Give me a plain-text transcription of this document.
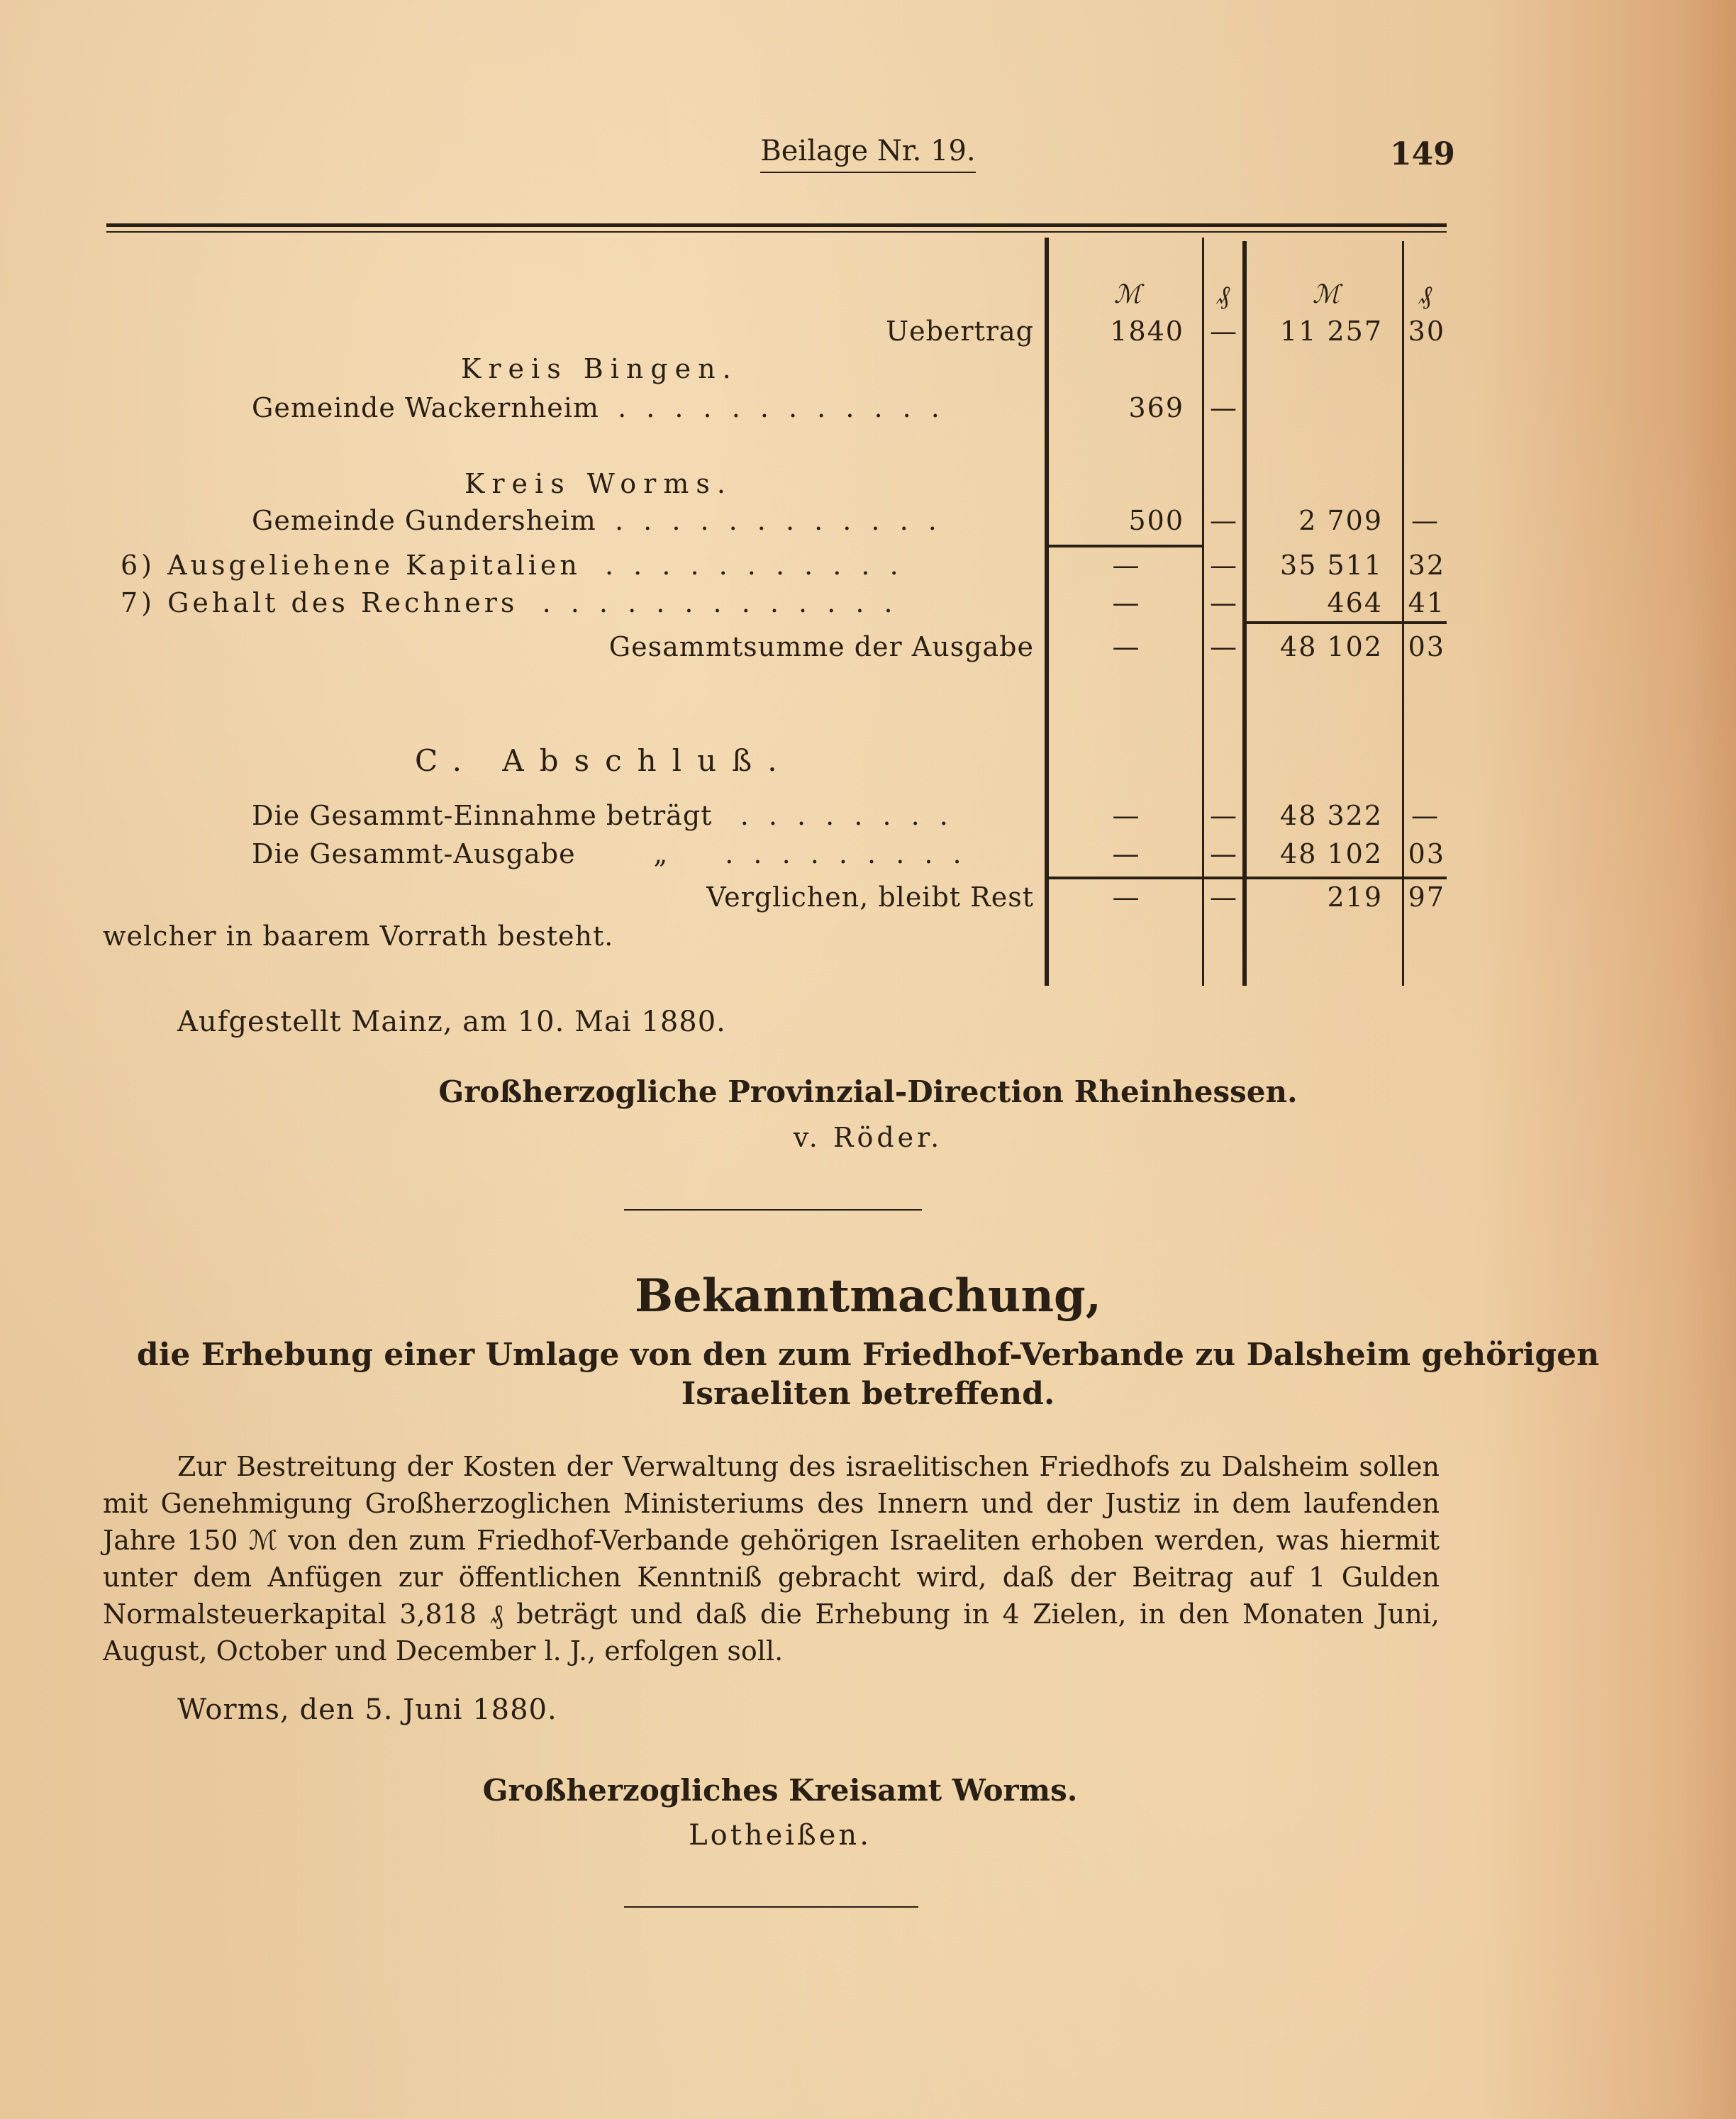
Beilage Nr. 19.	149
ℳ	₰	ℳ	₰
Uebertrag	1840 —	11 257 30
Kreis Bingen.
Gemeinde Wackernheim . . . . . . . . . . . .	369 —
Kreis Worms.
Gemeinde Gundersheim . . . . . . . . . . . .	500 —	2 709 —
6) Ausgeliehene Kapitalien . . . . . . . . . . .	—	—	35 511 32
7) Gehalt des Rechners . . . . . . . . . . . . .	—	—	464 41
Gesammtsumme der Ausgabe	—	—	48 102 03
C. Abschluß.
Die Gesammt-Einnahme beträgt . . . . . . . .	—	—	48 322 —
Die Gesammt-Ausgabe	„ . . . . . . . . .	—	—	48 102 03
Verglichen, bleibt Rest	—	—	219 97
welcher in baarem Vorrath besteht.
Aufgestellt Mainz, am 10. Mai 1880.
Großherzogliche Provinzial-Direction Rheinhessen.
v. Röder.
Bekanntmachung,
die Erhebung einer Umlage von den zum Friedhof-Verbande zu Dalsheim gehörigen
Israeliten betreffend.
Zur Bestreitung der Kosten der Verwaltung des israelitischen Friedhofs zu Dalsheim sollen mit Genehmigung Großherzoglichen Ministeriums des Innern und der Justiz in dem laufenden Jahre 150 ℳ von den zum Friedhof-Verbande gehörigen Israeliten erhoben werden, was hiermit unter dem Anfügen zur öffentlichen Kenntniß gebracht wird, daß der Beitrag auf 1 Gulden Normalsteuerkapital 3,818 ₰ beträgt und daß die Erhebung in 4 Zielen, in den Monaten Juni, August, October und December l. J., erfolgen soll.
Worms, den 5. Juni 1880.
Großherzogliches Kreisamt Worms.
Lotheißen.
